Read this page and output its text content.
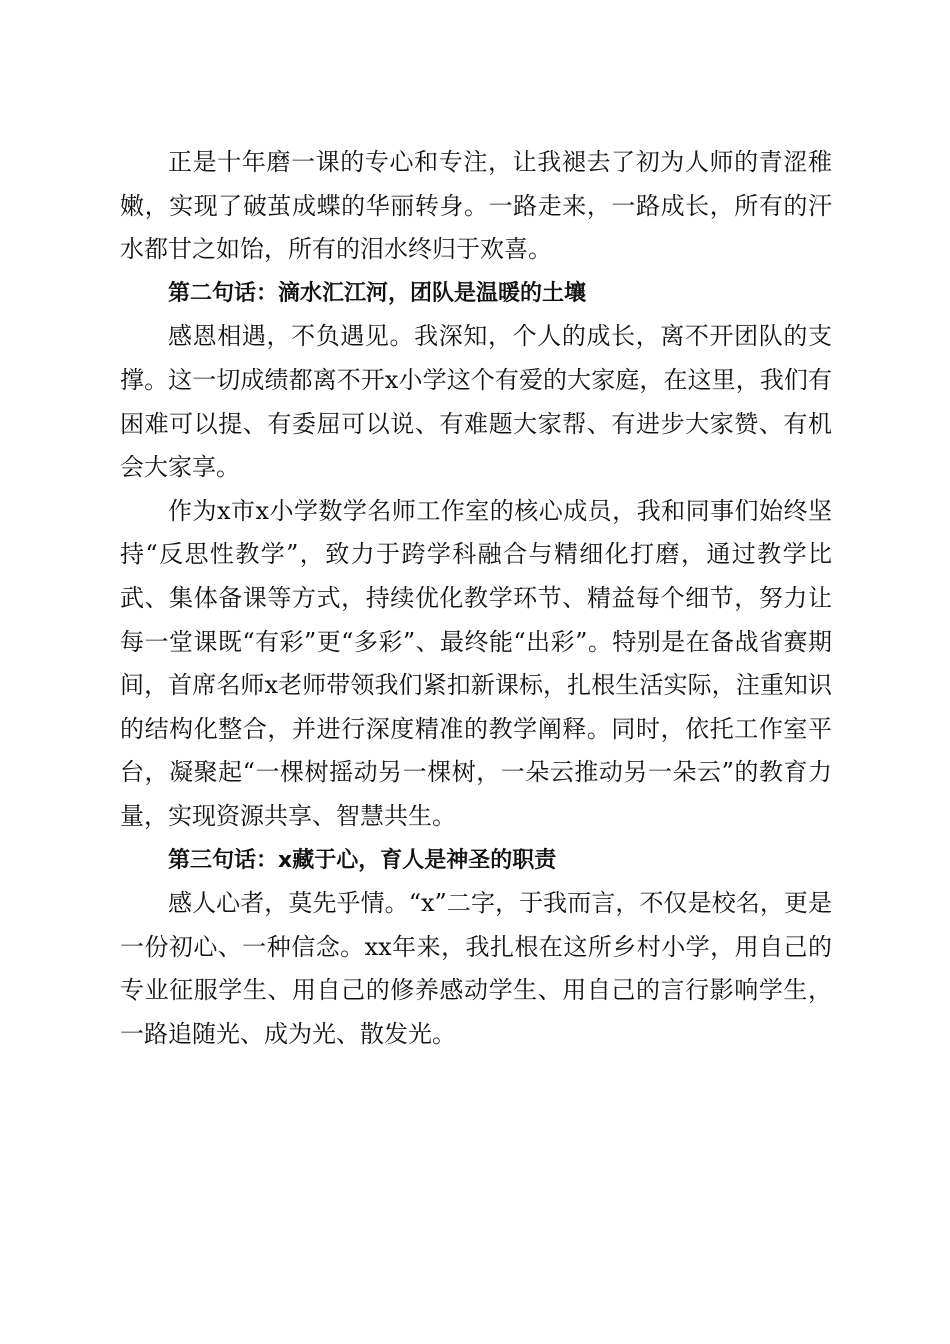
正是十年磨一课的专心和专注，让我褪去了初为人师的青涩稚嫩，实现了破茧成蝶的华丽转身。一路走来，一路成长，所有的汗水都甘之如饴，所有的泪水终归于欢喜。

第二句话：滴水汇江河，团队是温暖的土壤

感恩相遇，不负遇见。我深知，个人的成长，离不开团队的支撑。这一切成绩都离不开x小学这个有爱的大家庭，在这里，我们有困难可以提、有委屈可以说、有难题大家帮、有进步大家赞、有机会大家享。

作为x市x小学数学名师工作室的核心成员，我和同事们始终坚持“反思性教学”，致力于跨学科融合与精细化打磨，通过教学比武、集体备课等方式，持续优化教学环节、精益每个细节，努力让每一堂课既“有彩”更“多彩”、最终能“出彩”。特别是在备战省赛期间，首席名师x老师带领我们紧扣新课标，扎根生活实际，注重知识的结构化整合，并进行深度精准的教学阐释。同时，依托工作室平台，凝聚起“一棵树摇动另一棵树，一朵云推动另一朵云”的教育力量，实现资源共享、智慧共生。

第三句话：x藏于心，育人是神圣的职责

感人心者，莫先乎情。“x”二字，于我而言，不仅是校名，更是一份初心、一种信念。xx年来，我扎根在这所乡村小学，用自己的专业征服学生、用自己的修养感动学生、用自己的言行影响学生，一路追随光、成为光、散发光。
